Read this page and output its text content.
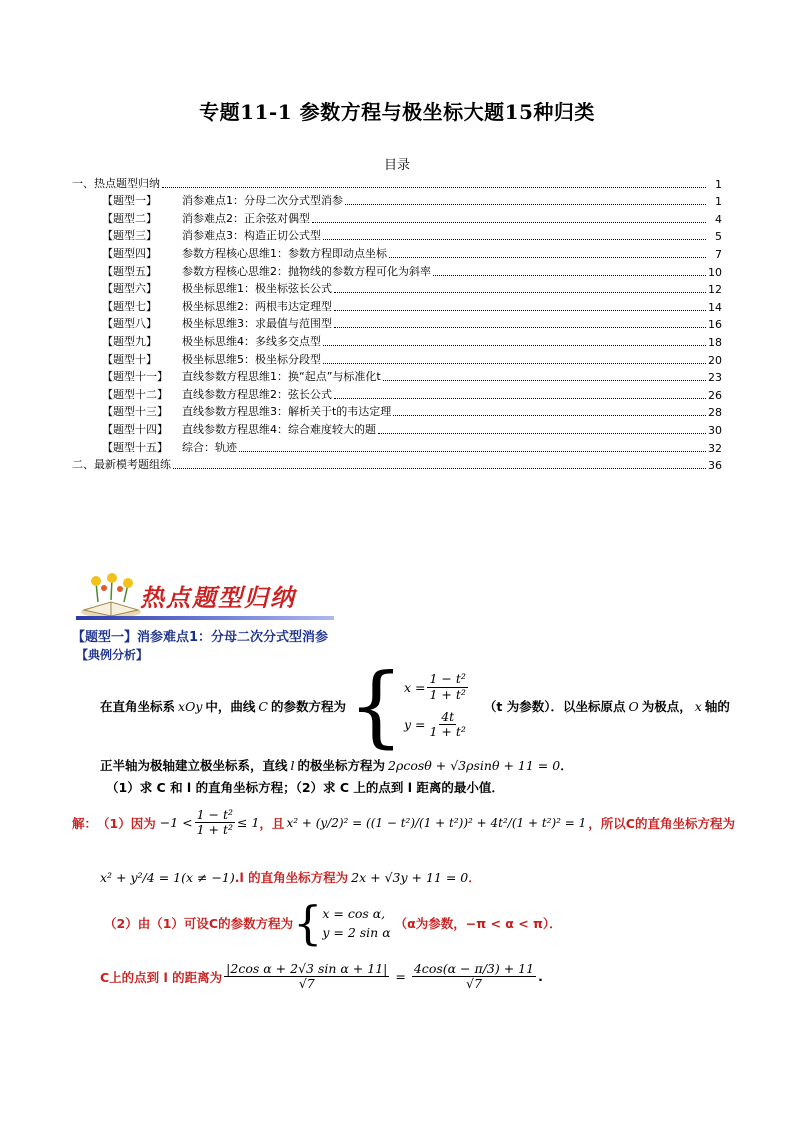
专题11-1 参数方程与极坐标大题15种归类
目录
一、热点题型归纳	1
【题型一】	消参难点1：分母二次分式型消参	1
【题型二】	消参难点2：正余弦对偶型	4
【题型三】	消参难点3：构造正切公式型	5
【题型四】	参数方程核心思维1：参数方程即动点坐标	7
【题型五】	参数方程核心思维2：抛物线的参数方程可化为斜率	10
【题型六】	极坐标思维1：极坐标弦长公式	12
【题型七】	极坐标思维2：两根韦达定理型	14
【题型八】	极坐标思维3：求最值与范围型	16
【题型九】	极坐标思维4：多线多交点型	18
【题型十】	极坐标思维5：极坐标分段型	20
【题型十一】	直线参数方程思维1：换“起点”与标准化t	23
【题型十二】	直线参数方程思维2：弦长公式	26
【题型十三】	直线参数方程思维3：解析关于t的韦达定理	28
【题型十四】	直线参数方程思维4：综合难度较大的题	30
【题型十五】	综合：轨迹	32
二、最新模考题组练	36
热点题型归纳
【题型一】消参难点1：分母二次分式型消参
【典例分析】
在直角坐标系 xOy 中，曲线 C 的参数方程为 { $x = \frac{\text{1 − t²}}{\text{1 + t²}}$
$y = \frac{4t}{\text{1 + t²}}$
（t 为参数）．以坐标原点 O 为极点， x 轴的
正半轴为极轴建立极坐标系，直线 l 的极坐标方程为 2ρcosθ + √3ρsinθ + 11 = 0．
（1）求 C 和 l 的直角坐标方程；（2）求 C 上的点到 l 距离的最小值．
解： （1）因为 $-1 < \frac{\text{1 − t²}}{\text{1 + t²}} \le 1$ ，且 x² + (y/2)² = ((1 − t²)/(1 + t²))² + 4t²/(1 + t²)² = 1 ，所以C的直角坐标方程为
x² + y²/4 = 1(x ≠ −1).l 的直角坐标方程为 2x + √3y + 11 = 0．
（2）由（1）可设C的参数方程为 { x = cos α,
y = 2 sin α
（α为参数，−π < α < π）．
C上的点到 l 的距离为 $\frac{\text{|2cos α + 2√3 sin α + 11|}}{√7} = \frac{4\cos(\alpha - \pi/3) + 11}{√7}$ .
